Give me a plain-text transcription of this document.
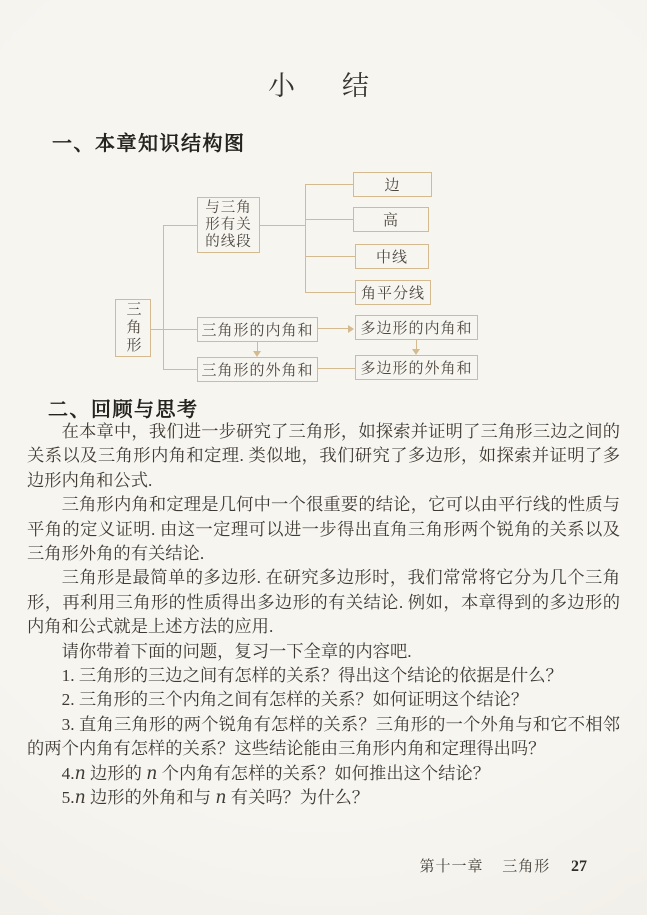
小　结
一、本章知识结构图
三角形
与三角形有关的线段
边
高
中线
角平分线
三角形的内角和	多边形的内角和
三角形的外角和	多边形的外角和
二、回顾与思考

在本章中，我们进一步研究了三角形，如探索并证明了三角形三边之间的关系以及三角形内角和定理. 类似地，我们研究了多边形，如探索并证明了多边形内角和公式.

三角形内角和定理是几何中一个很重要的结论，它可以由平行线的性质与平角的定义证明. 由这一定理可以进一步得出直角三角形两个锐角的关系以及三角形外角的有关结论.

三角形是最简单的多边形. 在研究多边形时，我们常常将它分为几个三角形，再利用三角形的性质得出多边形的有关结论. 例如，本章得到的多边形的内角和公式就是上述方法的应用.

请你带着下面的问题，复习一下全章的内容吧.

1. 三角形的三边之间有怎样的关系？得出这个结论的依据是什么？

2. 三角形的三个内角之间有怎样的关系？如何证明这个结论？

3. 直角三角形的两个锐角有怎样的关系？三角形的一个外角与和它不相邻的两个内角有怎样的关系？这些结论能由三角形内角和定理得出吗？

4.n 边形的 n 个内角有怎样的关系？如何推出这个结论？

5.n 边形的外角和与 n 有关吗？为什么？

第十一章 三角形 27
